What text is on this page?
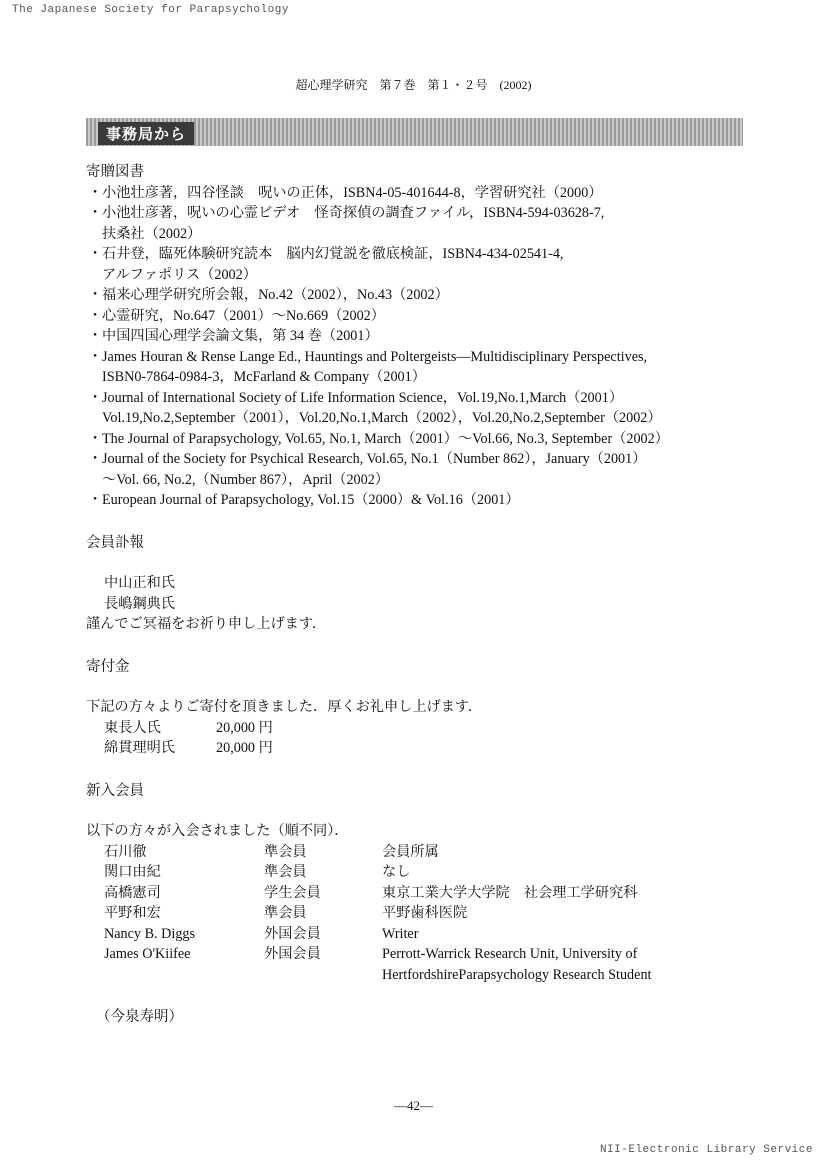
The Japanese Society for Parapsychology
超心理学研究　第７巻　第１・２号　(2002)
事務局から
寄贈図書
・ 小池壮彦著，四谷怪談　呪いの正体，ISBN4-05-401644-8，学習研究社（2000）
・ 小池壮彦著，呪いの心霊ビデオ　怪奇探偵の調査ファイル，ISBN4-594-03628-7,
扶桑社（2002）
・ 石井登，臨死体験研究読本　脳内幻覚説を徹底検証，ISBN4-434-02541-4,
アルファポリス（2002）
・ 福来心理学研究所会報，No.42（2002），No.43（2002）
・ 心霊研究，No.647（2001）～No.669（2002）
・ 中国四国心理学会論文集，第 34 巻（2001）
・ James Houran & Rense Lange Ed., Hauntings and Poltergeists—Multidisciplinary Perspectives,
ISBN0-7864-0984-3，McFarland & Company（2001）
・ Journal of International Society of Life Information Science，Vol.19,No.1,March（2001）
Vol.19,No.2,September（2001），Vol.20,No.1,March（2002），Vol.20,No.2,September（2002）
・ The Journal of Parapsychology, Vol.65, No.1, March（2001）～Vol.66, No.3, September（2002）
・ Journal of the Society for Psychical Research, Vol.65, No.1（Number 862），January（2001）
～Vol. 66, No.2,（Number 867），April（2002）
・ European Journal of Parapsychology, Vol.15（2000）& Vol.16（2001）
会員訃報
中山正和氏
長嶋鋼典氏
謹んでご冥福をお祈り申し上げます．
寄付金
下記の方々よりご寄付を頂きました．厚くお礼申し上げます．
東長人氏	20,000 円
綿貫理明氏	20,000 円
新入会員
以下の方々が入会されました（順不同）．
石川徹	準会員	会員所属
関口由紀	準会員	なし
高橋憲司	学生会員	東京工業大学大学院　社会理工学研究科
平野和宏	準会員	平野歯科医院
Nancy B. Diggs	外国会員	Writer
James O'Kiifee	外国会員	Perrott-Warrick Research Unit, University of
HertfordshireParapsychology Research Student
（今泉寿明）
—42—
NII-Electronic Library Service
